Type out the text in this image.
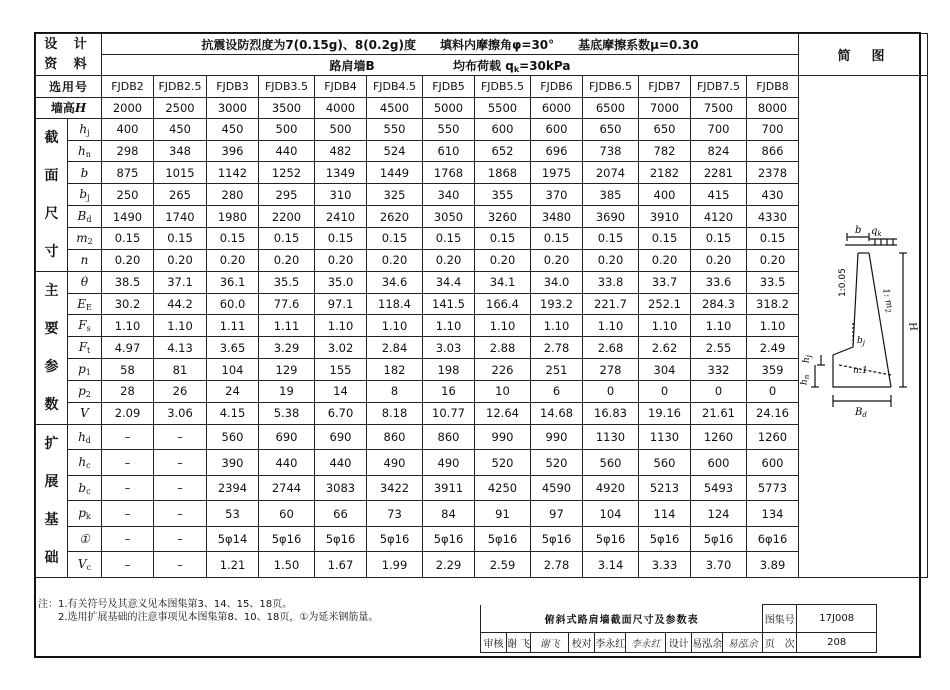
设 计 资 料		抗震设防烈度为7(0.15g)、8(0.2g)度　　填料内摩擦角φ=30°　　基底摩擦系数μ=0.30													简　图
		路肩墙B 均布荷载 $q_k=30kPa$													
选用号		FJDB2	FJDB2.5	FJDB3	FJDB3.5	FJDB4	FJDB4.5	FJDB5	FJDB5.5	FJDB6	FJDB6.5	FJDB7	FJDB7.5	FJDB8	
墙高H		2000	2500	3000	3500	4000	4500	5000	5500	6000	6500	7000	7500	8000	
截 面 尺 寸	$h_j$	400	450	450	500	500	550	550	600	600	650	650	700	700	
	$h_n$	298	348	396	440	482	524	610	652	696	738	782	824	866	
	b	875	1015	1142	1252	1349	1449	1768	1868	1975	2074	2182	2281	2378	
	$b_j$	250	265	280	295	310	325	340	355	370	385	400	415	430	
	$B_d$	1490	1740	1980	2200	2410	2620	3050	3260	3480	3690	3910	4120	4330	
	$m_2$	0.15	0.15	0.15	0.15	0.15	0.15	0.15	0.15	0.15	0.15	0.15	0.15	0.15	
	n	0.20	0.20	0.20	0.20	0.20	0.20	0.20	0.20	0.20	0.20	0.20	0.20	0.20	
主 要 参 数	θ	38.5	37.1	36.1	35.5	35.0	34.6	34.4	34.1	34.0	33.8	33.7	33.6	33.5	
	$E_E$	30.2	44.2	60.0	77.6	97.1	118.4	141.5	166.4	193.2	221.7	252.1	284.3	318.2	
	$F_s$	1.10	1.10	1.11	1.11	1.10	1.10	1.10	1.10	1.10	1.10	1.10	1.10	1.10	
	$F_t$	4.97	4.13	3.65	3.29	3.02	2.84	3.03	2.88	2.78	2.68	2.62	2.55	2.49	
	$p_1$	58	81	104	129	155	182	198	226	251	278	304	332	359	
	$p_2$	28	26	24	19	14	8	16	10	6	0	0	0	0	
	V	2.09	3.06	4.15	5.38	6.70	8.18	10.77	12.64	14.68	16.83	19.16	21.61	24.16	
扩 展 基 础	$h_d$	–	–	560	690	690	860	860	990	990	1130	1130	1260	1260	
	$h_c$	–	–	390	440	440	490	490	520	520	560	560	600	600	
	$b_c$	–	–	2394	2744	3083	3422	3911	4250	4590	4920	5213	5493	5773	
	$p_k$	–	–	53	60	66	73	84	91	97	104	114	124	134	
	①	–	–	5φ14	5φ16	5φ16	5φ16	5φ16	5φ16	5φ16	5φ16	5φ16	5φ16	6φ16	
	$V_c$	–	–	1.21	1.50	1.67	1.99	2.29	2.59	2.78	3.14	3.33	3.70	3.89	
b $q_k$
1:0.05
1: $m_2$
H
$b_j$
$h_j$
$h_n$
n:1
$B_d$
注：1.有关符号及其意义见本图集第3、14、15、18页。
　　2.选用扩展基础的注意事项见本图集第8、10、18页，①为延米钢筋量。	俯斜式路肩墙截面尺寸及参数表									图集号	17J008
审核	谢 飞	谢飞	校对	李永红	李永红	设计	易泓余	易泓余	页　次	208
